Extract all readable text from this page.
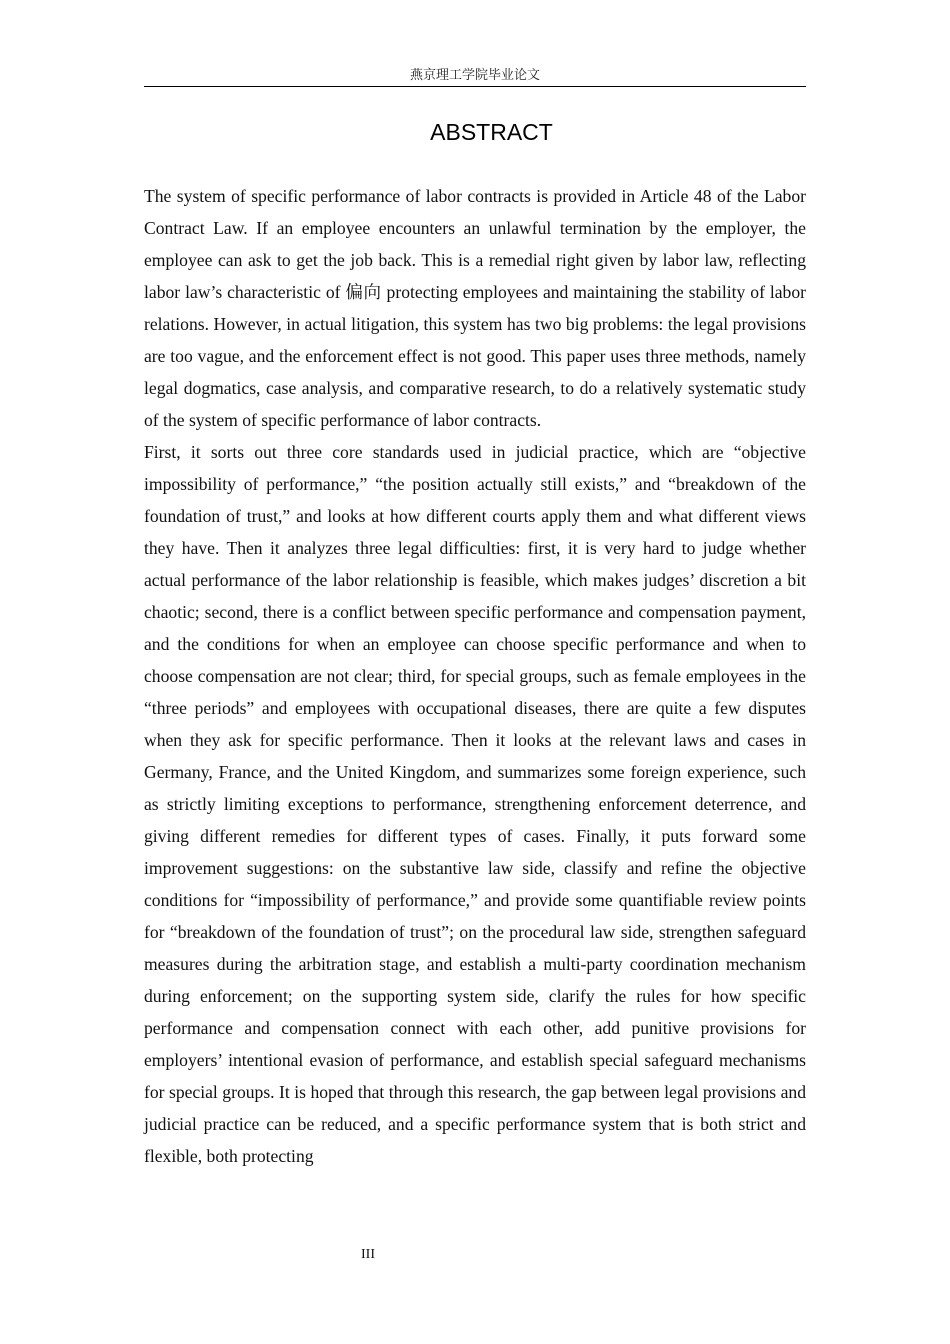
燕京理工学院毕业论文
ABSTRACT

The system of specific performance of labor contracts is provided in Article 48 of the Labor Contract Law. If an employee encounters an unlawful termination by the employer, the employee can ask to get the job back. This is a remedial right given by labor law, reflecting labor law’s characteristic of 偏向 protecting employees and maintaining the stability of labor relations. However, in actual litigation, this system has two big problems: the legal provisions are too vague, and the enforcement effect is not good. This paper uses three methods, namely legal dogmatics, case analysis, and comparative research, to do a relatively systematic study of the system of specific performance of labor contracts.

First, it sorts out three core standards used in judicial practice, which are “objective impossibility of performance,” “the position actually still exists,” and “breakdown of the foundation of trust,” and looks at how different courts apply them and what different views they have. Then it analyzes three legal difficulties: first, it is very hard to judge whether actual performance of the labor relationship is feasible, which makes judges’ discretion a bit chaotic; second, there is a conflict between specific performance and compensation payment, and the conditions for when an employee can choose specific performance and when to choose compensation are not clear; third, for special groups, such as female employees in the “three periods” and employees with occupational diseases, there are quite a few disputes when they ask for specific performance. Then it looks at the relevant laws and cases in Germany, France, and the United Kingdom, and summarizes some foreign experience, such as strictly limiting exceptions to performance, strengthening enforcement deterrence, and giving different remedies for different types of cases. Finally, it puts forward some improvement suggestions: on the substantive law side, classify and refine the objective conditions for “impossibility of performance,” and provide some quantifiable review points for “breakdown of the foundation of trust”; on the procedural law side, strengthen safeguard measures during the arbitration stage, and establish a multi-party coordination mechanism during enforcement; on the supporting system side, clarify the rules for how specific performance and compensation connect with each other, add punitive provisions for employers’ intentional evasion of performance, and establish special safeguard mechanisms for special groups. It is hoped that through this research, the gap between legal provisions and judicial practice can be reduced, and a specific performance system that is both strict and flexible, both protecting

III
